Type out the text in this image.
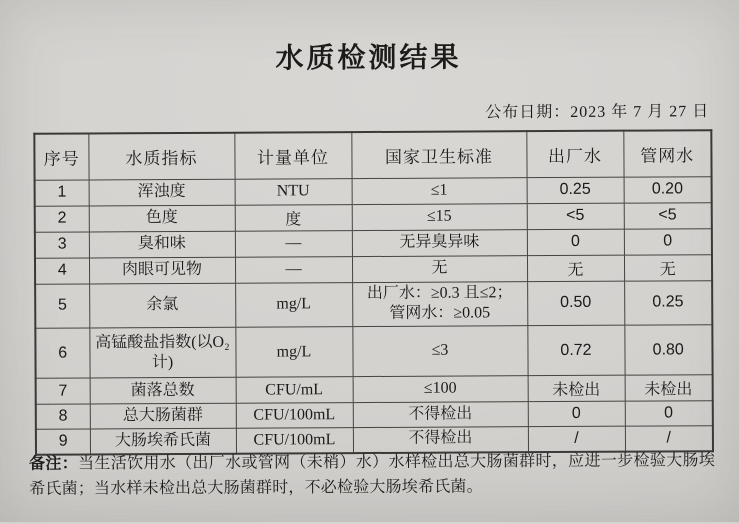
水质检测结果
公布日期：2023 年 7 月 27 日
序号	水质指标	计量单位	国家卫生标准	出厂水	管网水
1	浑浊度	NTU	≤1	0.25	0.20
2	色度	度	≤15	<5	<5
3	臭和味	—	无异臭异味	0	0
4	肉眼可见物	—	无	无	无
5	余氯	mg/L	出厂水：≥0.3 且≤2；
管网水：≥0.05	0.50	0.25
6	高锰酸盐指数(以O₂计)	mg/L	≤3	0.72	0.80
7	菌落总数	CFU/mL	≤100	未检出	未检出
8	总大肠菌群	CFU/100mL	不得检出	0	0
9	大肠埃希氏菌	CFU/100mL	不得检出	/	/
备注：当生活饮用水（出厂水或管网（未梢）水）水样检出总大肠菌群时，应进一步检验大肠埃希氏菌；当水样未检出总大肠菌群时，不必检验大肠埃希氏菌。
